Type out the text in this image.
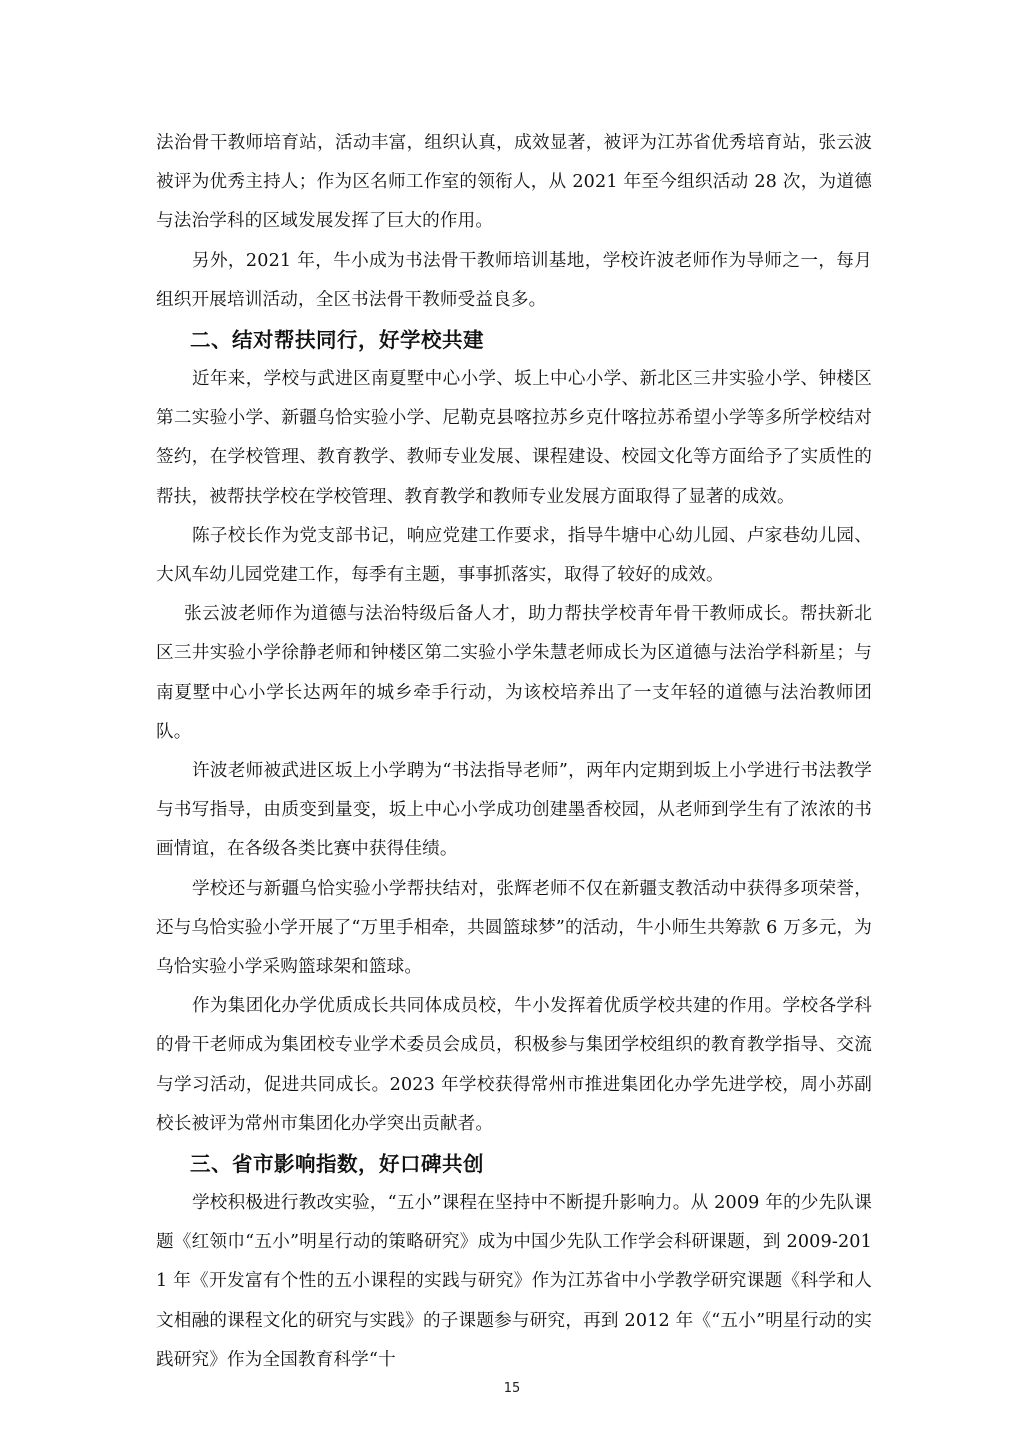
法治骨干教师培育站，活动丰富，组织认真，成效显著，被评为江苏省优秀培育站，张云波被评为优秀主持人；作为区名师工作室的领衔人，从 2021 年至今组织活动 28 次，为道德与法治学科的区域发展发挥了巨大的作用。

另外，2021 年，牛小成为书法骨干教师培训基地，学校许波老师作为导师之一，每月组织开展培训活动，全区书法骨干教师受益良多。

二、结对帮扶同行，好学校共建

近年来，学校与武进区南夏墅中心小学、坂上中心小学、新北区三井实验小学、钟楼区第二实验小学、新疆乌恰实验小学、尼勒克县喀拉苏乡克什喀拉苏希望小学等多所学校结对签约，在学校管理、教育教学、教师专业发展、课程建设、校园文化等方面给予了实质性的帮扶，被帮扶学校在学校管理、教育教学和教师专业发展方面取得了显著的成效。

陈子校长作为党支部书记，响应党建工作要求，指导牛塘中心幼儿园、卢家巷幼儿园、大风车幼儿园党建工作，每季有主题，事事抓落实，取得了较好的成效。

张云波老师作为道德与法治特级后备人才，助力帮扶学校青年骨干教师成长。帮扶新北区三井实验小学徐静老师和钟楼区第二实验小学朱慧老师成长为区道德与法治学科新星；与南夏墅中心小学长达两年的城乡牵手行动，为该校培养出了一支年轻的道德与法治教师团队。

许波老师被武进区坂上小学聘为“书法指导老师”，两年内定期到坂上小学进行书法教学与书写指导，由质变到量变，坂上中心小学成功创建墨香校园，从老师到学生有了浓浓的书画情谊，在各级各类比赛中获得佳绩。

学校还与新疆乌恰实验小学帮扶结对，张辉老师不仅在新疆支教活动中获得多项荣誉，还与乌恰实验小学开展了“万里手相牵，共圆篮球梦”的活动，牛小师生共筹款 6 万多元，为乌恰实验小学采购篮球架和篮球。

作为集团化办学优质成长共同体成员校，牛小发挥着优质学校共建的作用。学校各学科的骨干老师成为集团校专业学术委员会成员，积极参与集团学校组织的教育教学指导、交流与学习活动，促进共同成长。2023 年学校获得常州市推进集团化办学先进学校，周小苏副校长被评为常州市集团化办学突出贡献者。

三、省市影响指数，好口碑共创

学校积极进行教改实验，“五小”课程在坚持中不断提升影响力。从 2009 年的少先队课题《红领巾“五小”明星行动的策略研究》成为中国少先队工作学会科研课题，到 2009-2011 年《开发富有个性的五小课程的实践与研究》作为江苏省中小学教学研究课题《科学和人文相融的课程文化的研究与实践》的子课题参与研究，再到 2012 年《“五小”明星行动的实践研究》作为全国教育科学“十

15
